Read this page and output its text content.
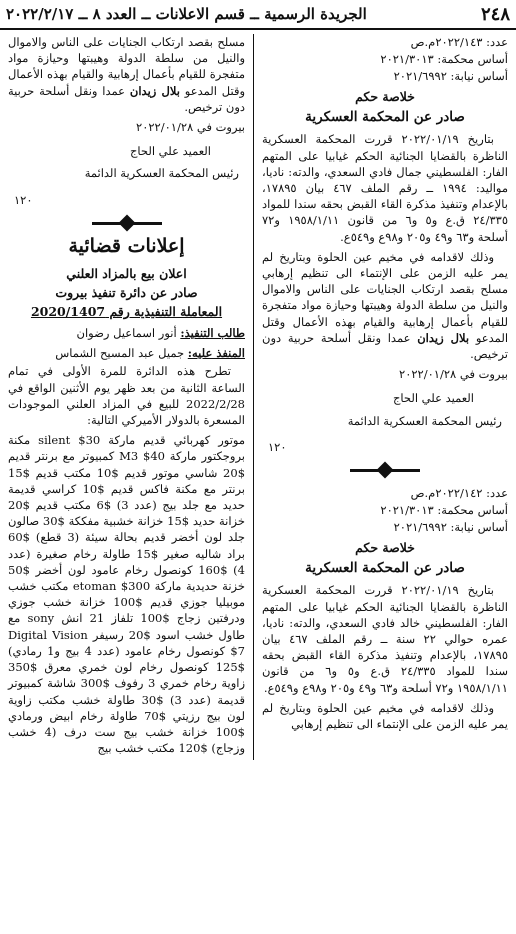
٢٤٨
الجريدة الرسمية ــ قسم الاعلانات ــ العدد ٨ ــ ٢٠٢٢/٢/١٧
عدد: ٢٠٢٢/١٤٣م.ص
أساس محكمة: ٢٠٢١/٣٠١٣
أساس نيابة: ٢٠٢١/٦٩٩٢
خلاصة حكم
صادر عن المحكمة العسكرية

بتاريخ ٢٠٢٢/٠١/١٩ قررت المحكمة العسكرية الناظرة بالقضايا الجنائية الحكم غيابيا على المتهم الفار: الفلسطيني جمال فادي السعدي، والدته: ناديا، مواليد: ١٩٩٤ ــ رقم الملف ٤٦٧ بيان ١٧٨٩٥، بالإعدام وتنفيذ مذكرة القاء القبض بحقه سندا للمواد ٢٤/٣٣٥ ق.ع و٥ و٦ من قانون ١٩٥٨/١/١١ و٧٢ أسلحة و٦٣ و٤٩ و٢٠٥ و٩٨ع و٥٤٩ع.

وذلك لاقدامه في مخيم عين الحلوة وبتاريخ لم يمر عليه الزمن على الإنتماء الى تنظيم إرهابي مسلح بقصد ارتكاب الجنايات على الناس والاموال والنيل من سلطة الدولة وهيبتها وحيازة مواد متفجرة للقيام بأعمال إرهابية والقيام بهذه الأعمال وقتل المدعو بلال زيدان عمدا ونقل أسلحة حربية دون ترخيص.

بيروت في ٢٠٢٢/٠١/٢٨
العميد علي الحاج
رئيس المحكمة العسكرية الدائمة
١٢٠
عدد: ٢٠٢٢/١٤٢م.ص
أساس محكمة: ٢٠٢١/٣٠١٣
أساس نيابة: ٢٠٢١/٦٩٩٢
خلاصة حكم
صادر عن المحكمة العسكرية

بتاريخ ٢٠٢٢/٠١/١٩ قررت المحكمة العسكرية الناظرة بالقضايا الجنائية الحكم غيابيا على المتهم الفار: الفلسطيني خالد فادي السعدي، والدته: ناديا، عمره حوالي ٢٢ سنة ــ رقم الملف ٤٦٧ بيان ١٧٨٩٥، بالإعدام وتنفيذ مذكرة القاء القبض بحقه سندا للمواد ٢٤/٣٣٥ ق.ع و٥ و٦ من قانون ١٩٥٨/١/١١ و٧٢ أسلحة و٦٣ و٤٩ و٢٠٥ و٩٨ع و٥٤٩ع.

وذلك لاقدامه في مخيم عين الحلوة وبتاريخ لم يمر عليه الزمن على الإنتماء الى تنظيم إرهابي

مسلح بقصد ارتكاب الجنايات على الناس والاموال والنيل من سلطة الدولة وهيبتها وحيازة مواد متفجرة للقيام بأعمال إرهابية والقيام بهذه الأعمال وقتل المدعو بلال زيدان عمدا ونقل أسلحة حربية دون ترخيص.

بيروت في ٢٠٢٢/٠١/٢٨
العميد علي الحاج
رئيس المحكمة العسكرية الدائمة
١٢٠
إعلانات قضائية
اعلان بيع بالمزاد العلني
صادر عن دائرة تنفيذ بيروت
المعاملة التنفيذية رقم 2020/1407
طالب التنفيذ: أنور اسماعيل رضوان
المنفذ عليه: جميل عبد المسيح الشماس

تطرح هذه الدائرة للمرة الأولى في تمام الساعة الثانية من بعد ظهر يوم الأثنين الواقع في 2022/2/28 للبيع في المزاد العلني الموجودات المسعرة بالدولار الأميركي التالية:

موتور كهربائي قديم ماركة silent $30 مكنة بروجكتور ماركة M3 $40 كمبيوتر مع برنتر قديم $20 شاسي موتور قديم $10 مكتب قديم $15 برنتر مع مكنة فاكس قديم $10 كراسي قديمة حديد مع جلد بيج (عدد 3) $6 مكتب قديم $20 خزانة حديد $15 خزانة خشبية مفككة $30 صالون جلد لون أخضر قديم بحالة سيئة (3 قطع) $60 براد شاليه صغير $15 طاولة رخام صغيرة (عدد 4) $160 كونصول رخام عامود لون أخضر $50 خزنة حديدية ماركة etoman $300 مكتب خشب موبيليا جوزي قديم $100 خزانة خشب جوزي ودرفتين زجاج $100 تلفاز 21 انش sony مع طاول خشب اسود $20 رسيفر Digital Vision $7 كونصول رخام عامود (عدد 4 بيج و1 رمادي) $125 كونصول رخام لون خمري معرق $350 زاوية رخام خمري 3 رفوف $300 شاشة كمبيوتر قديمة (عدد 3) $30 طاولة خشب مكتب زاوية لون بيج رزيتي $70 طاولة رخام ابيض ورمادي $100 خزانة خشب بيج ست درف (4 خشب وزجاج) $120 مكتب خشب بيج
